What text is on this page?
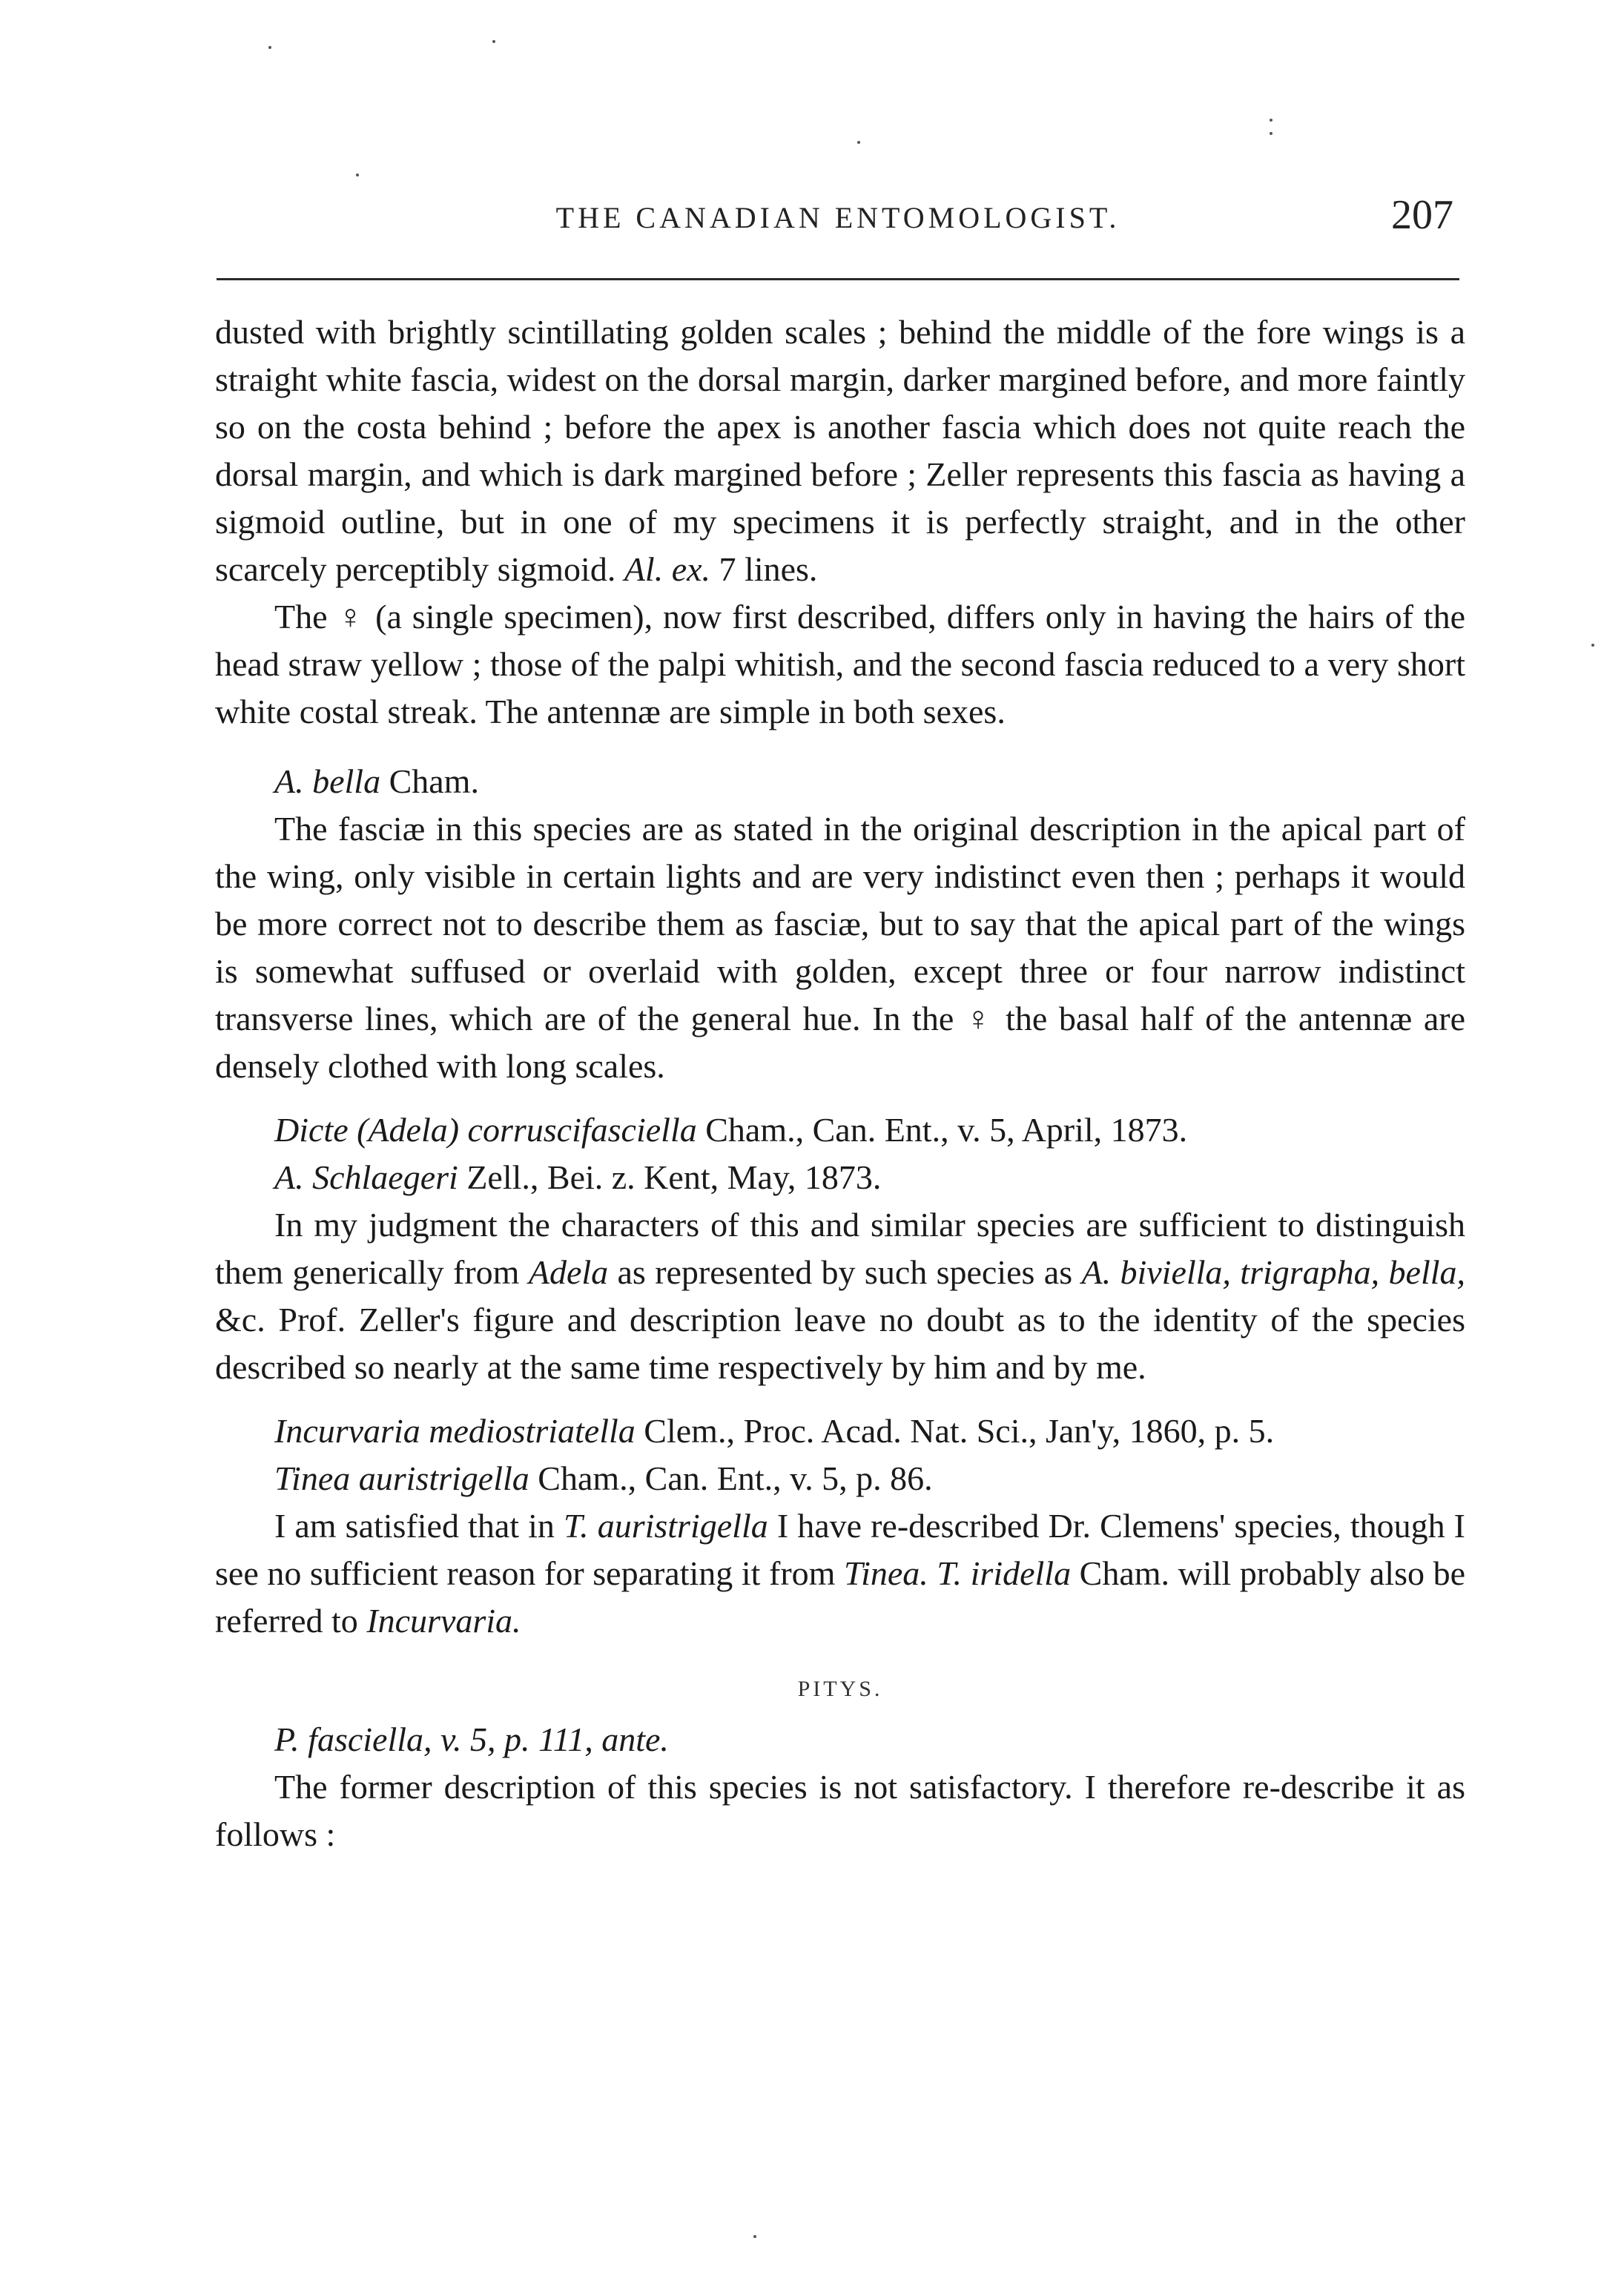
THE CANADIAN ENTOMOLOGIST.	207

dusted with brightly scintillating golden scales ; behind the middle of the fore wings is a straight white fascia, widest on the dorsal margin, darker margined before, and more faintly so on the costa behind ; before the apex is another fascia which does not quite reach the dorsal margin, and which is dark margined before ; Zeller represents this fascia as having a sigmoid outline, but in one of my specimens it is perfectly straight, and in the other scarcely perceptibly sigmoid. Al. ex. 7 lines.

The ♀ (a single specimen), now first described, differs only in having the hairs of the head straw yellow ; those of the palpi whitish, and the second fascia reduced to a very short white costal streak. The antennæ are simple in both sexes.

A. bella Cham.

The fasciæ in this species are as stated in the original description in the apical part of the wing, only visible in certain lights and are very indistinct even then ; perhaps it would be more correct not to describe them as fasciæ, but to say that the apical part of the wings is somewhat suffused or overlaid with golden, except three or four narrow indistinct transverse lines, which are of the general hue. In the ♀ the basal half of the antennæ are densely clothed with long scales.

Dicte (Adela) corruscifasciella Cham., Can. Ent., v. 5, April, 1873.

A. Schlaegeri Zell., Bei. z. Kent, May, 1873.

In my judgment the characters of this and similar species are sufficient to distinguish them generically from Adela as represented by such species as A. biviella, trigrapha, bella, &c. Prof. Zeller's figure and description leave no doubt as to the identity of the species described so nearly at the same time respectively by him and by me.

Incurvaria mediostriatella Clem., Proc. Acad. Nat. Sci., Jan'y, 1860, p. 5.

Tinea auristrigella Cham., Can. Ent., v. 5, p. 86.

I am satisfied that in T. auristrigella I have re-described Dr. Clemens' species, though I see no sufficient reason for separating it from Tinea. T. iridella Cham. will probably also be referred to Incurvaria.

PITYS.

P. fasciella, v. 5, p. 111, ante.

The former description of this species is not satisfactory. I therefore re-describe it as follows :
